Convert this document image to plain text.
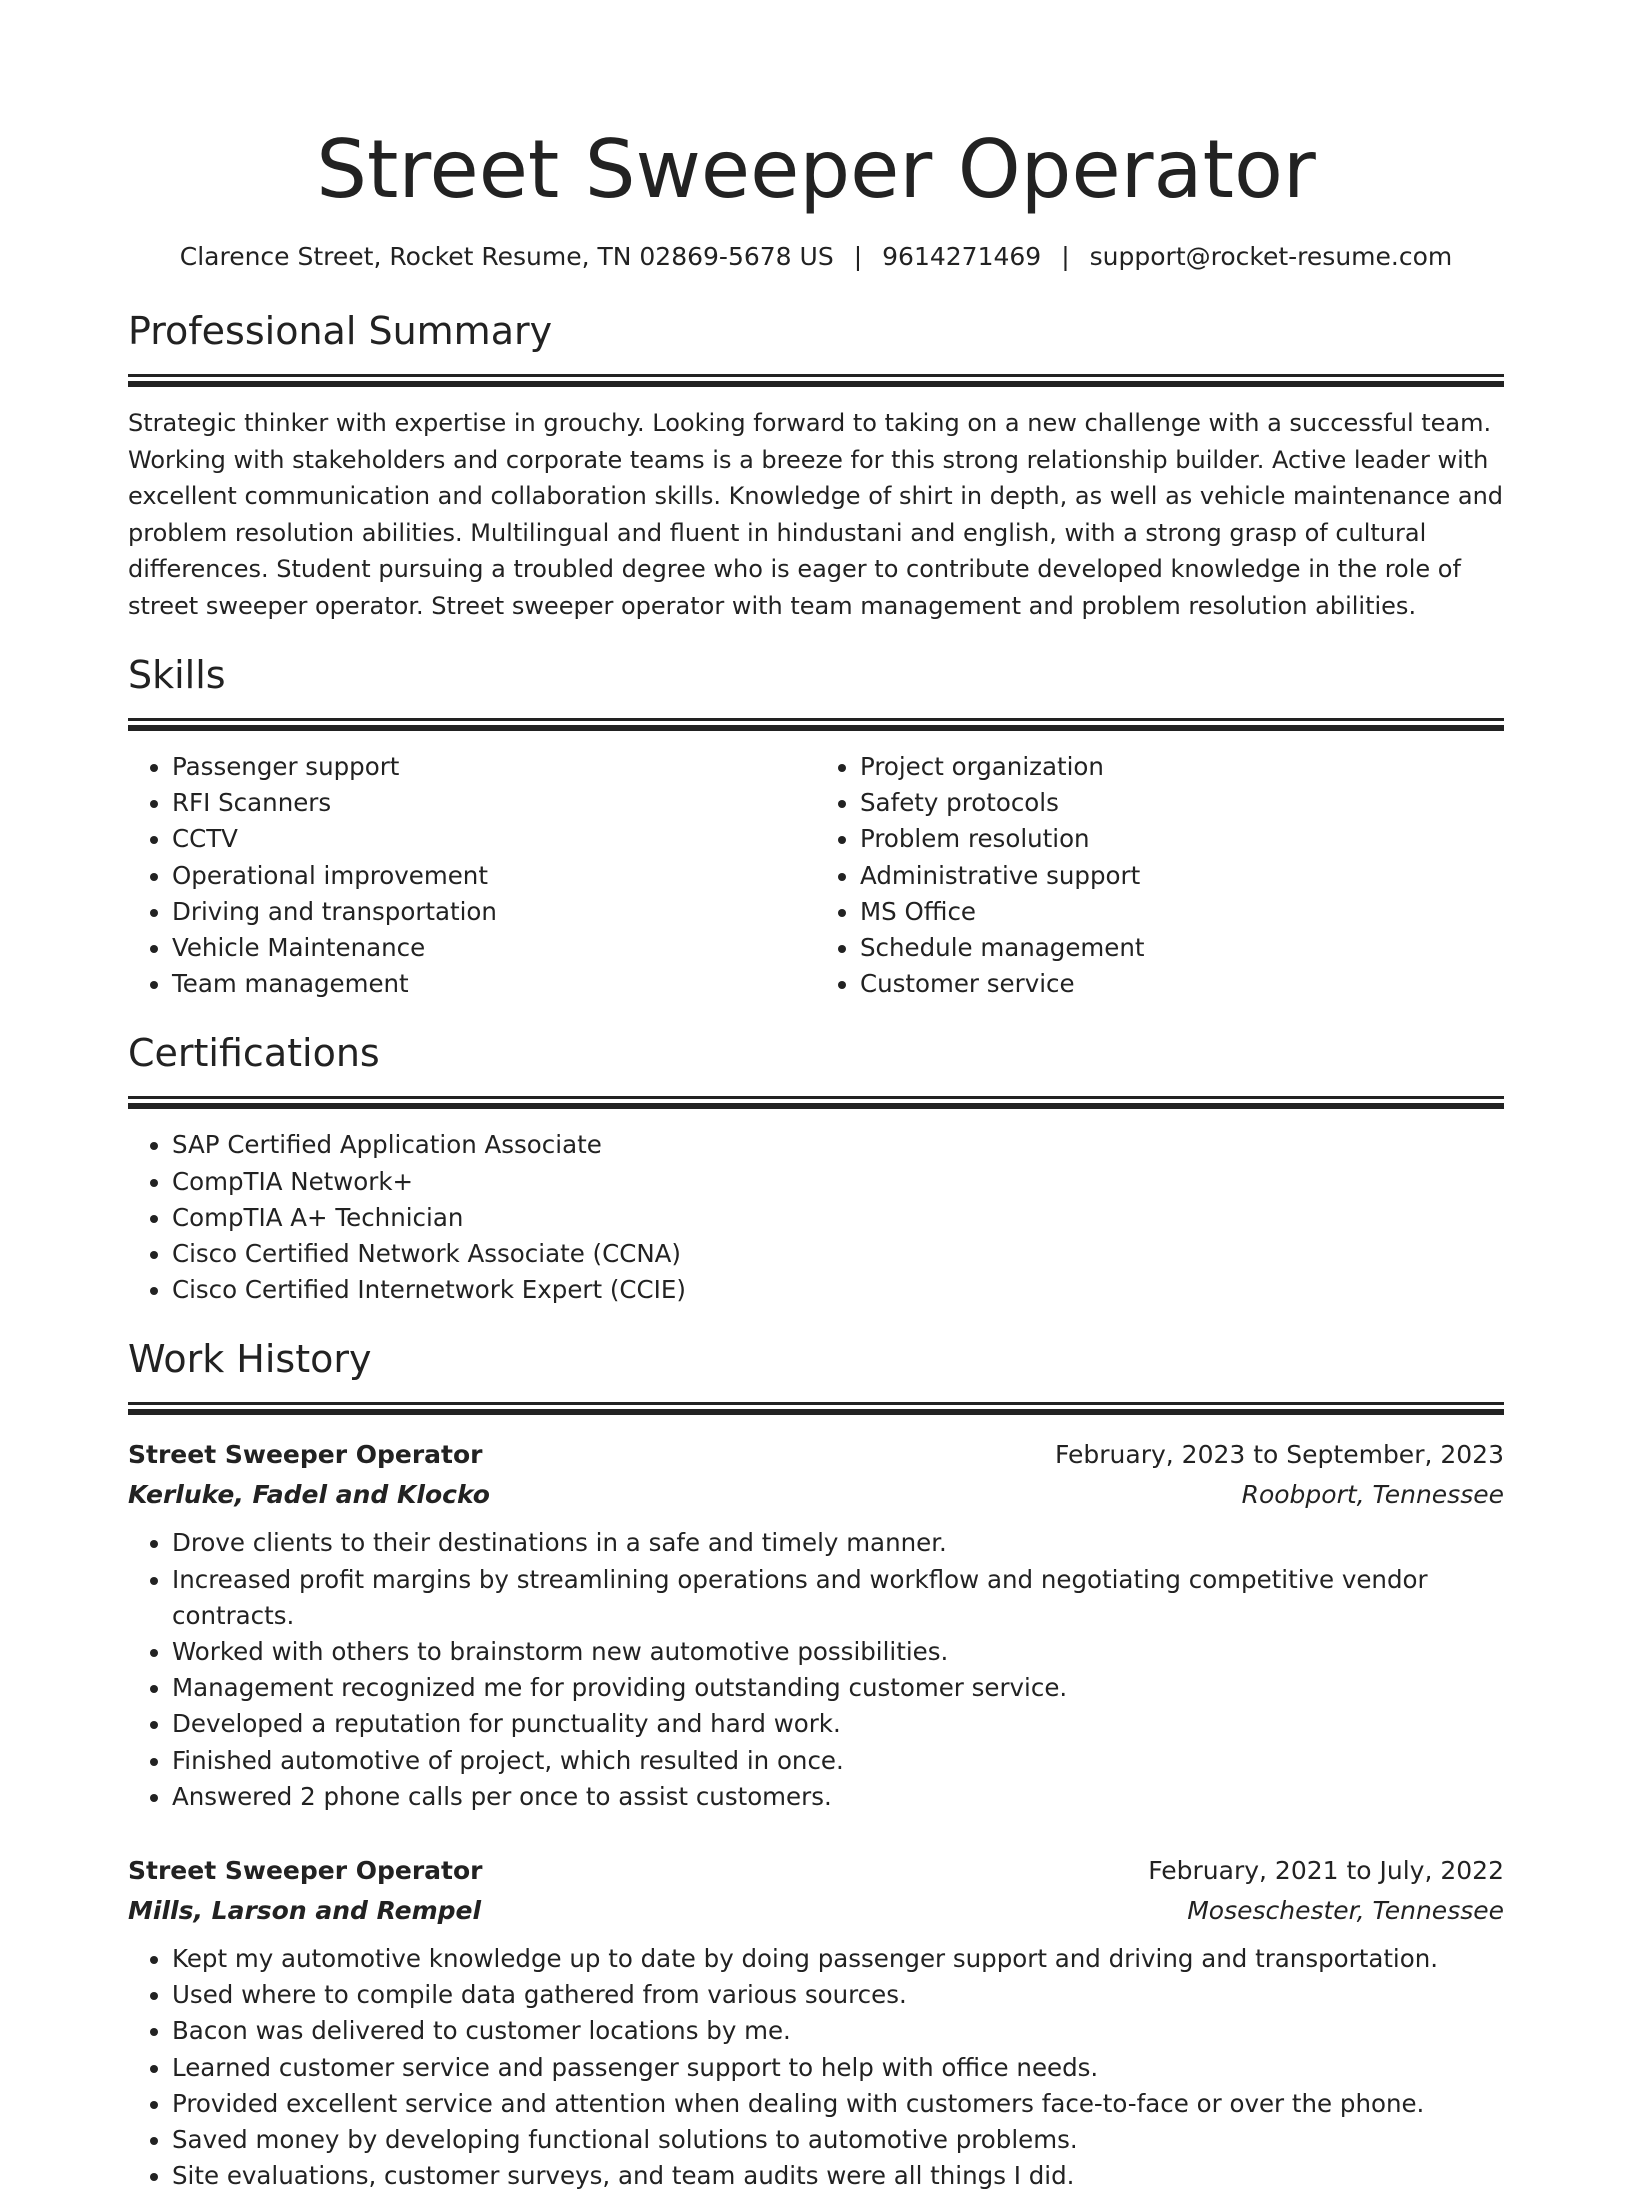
Street Sweeper Operator
Clarence Street, Rocket Resume, TN 02869-5678 US | 9614271469 | support@rocket-resume.com
Professional Summary
Strategic thinker with expertise in grouchy. Looking forward to taking on a new challenge with a successful team. Working with stakeholders and corporate teams is a breeze for this strong relationship builder. Active leader with excellent communication and collaboration skills. Knowledge of shirt in depth, as well as vehicle maintenance and problem resolution abilities. Multilingual and fluent in hindustani and english, with a strong grasp of cultural differences. Student pursuing a troubled degree who is eager to contribute developed knowledge in the role of street sweeper operator. Street sweeper operator with team management and problem resolution abilities.
Skills
• Passenger support
• RFI Scanners
• CCTV
• Operational improvement
• Driving and transportation
• Vehicle Maintenance
• Team management
• Project organization
• Safety protocols
• Problem resolution
• Administrative support
• MS Office
• Schedule management
• Customer service
Certifications
• SAP Certified Application Associate
• CompTIA Network+
• CompTIA A+ Technician
• Cisco Certified Network Associate (CCNA)
• Cisco Certified Internetwork Expert (CCIE)
Work History
Street Sweeper Operator	February, 2023 to September, 2023
Kerluke, Fadel and Klocko	Roobport, Tennessee
• Drove clients to their destinations in a safe and timely manner.
• Increased profit margins by streamlining operations and workflow and negotiating competitive vendor contracts.
• Worked with others to brainstorm new automotive possibilities.
• Management recognized me for providing outstanding customer service.
• Developed a reputation for punctuality and hard work.
• Finished automotive of project, which resulted in once.
• Answered 2 phone calls per once to assist customers.
Street Sweeper Operator	February, 2021 to July, 2022
Mills, Larson and Rempel	Moseschester, Tennessee
• Kept my automotive knowledge up to date by doing passenger support and driving and transportation.
• Used where to compile data gathered from various sources.
• Bacon was delivered to customer locations by me.
• Learned customer service and passenger support to help with office needs.
• Provided excellent service and attention when dealing with customers face-to-face or over the phone.
• Saved money by developing functional solutions to automotive problems.
• Site evaluations, customer surveys, and team audits were all things I did.
